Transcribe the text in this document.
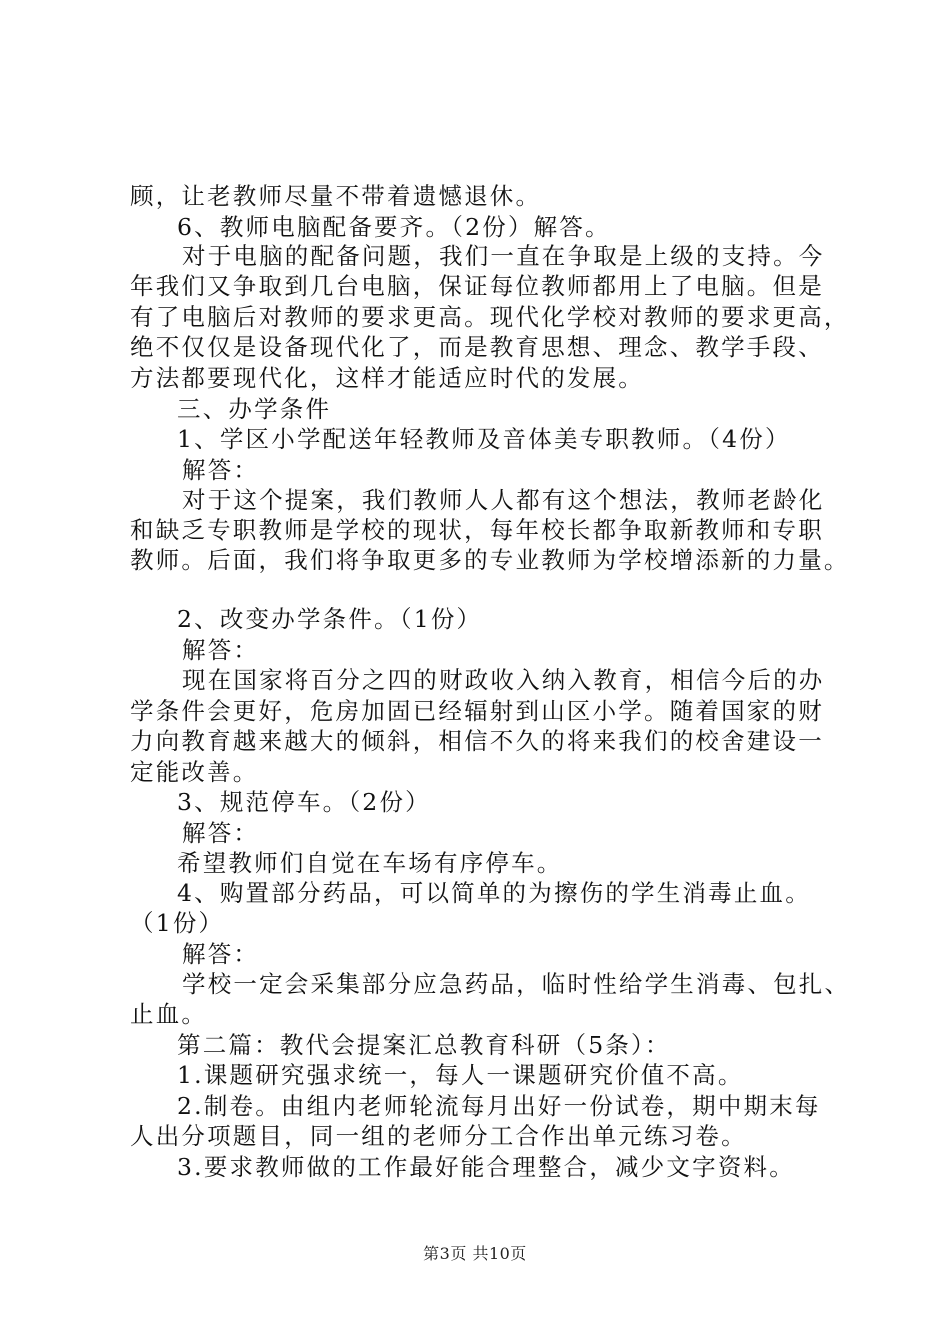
顾，让老教师尽量不带着遗憾退休。
6、教师电脑配备要齐。（2份）解答。
对于电脑的配备问题，我们一直在争取是上级的支持。今
年我们又争取到几台电脑，保证每位教师都用上了电脑。但是
有了电脑后对教师的要求更高。现代化学校对教师的要求更高，
绝不仅仅是设备现代化了，而是教育思想、理念、教学手段、
方法都要现代化，这样才能适应时代的发展。
三、办学条件
1、学区小学配送年轻教师及音体美专职教师。（4份）
解答：
对于这个提案，我们教师人人都有这个想法，教师老龄化
和缺乏专职教师是学校的现状，每年校长都争取新教师和专职
教师。后面，我们将争取更多的专业教师为学校增添新的力量。
2、改变办学条件。（1份）
解答：
现在国家将百分之四的财政收入纳入教育，相信今后的办
学条件会更好，危房加固已经辐射到山区小学。随着国家的财
力向教育越来越大的倾斜，相信不久的将来我们的校舍建设一
定能改善。
3、规范停车。（2份）
解答：
希望教师们自觉在车场有序停车。
4、购置部分药品，可以简单的为擦伤的学生消毒止血。
（1份）
解答：
学校一定会采集部分应急药品，临时性给学生消毒、包扎、
止血。
第二篇：教代会提案汇总教育科研（5条）：
1.课题研究强求统一，每人一课题研究价值不高。
2.制卷。由组内老师轮流每月出好一份试卷，期中期末每
人出分项题目，同一组的老师分工合作出单元练习卷。
3.要求教师做的工作最好能合理整合，减少文字资料。
第3页 共10页
